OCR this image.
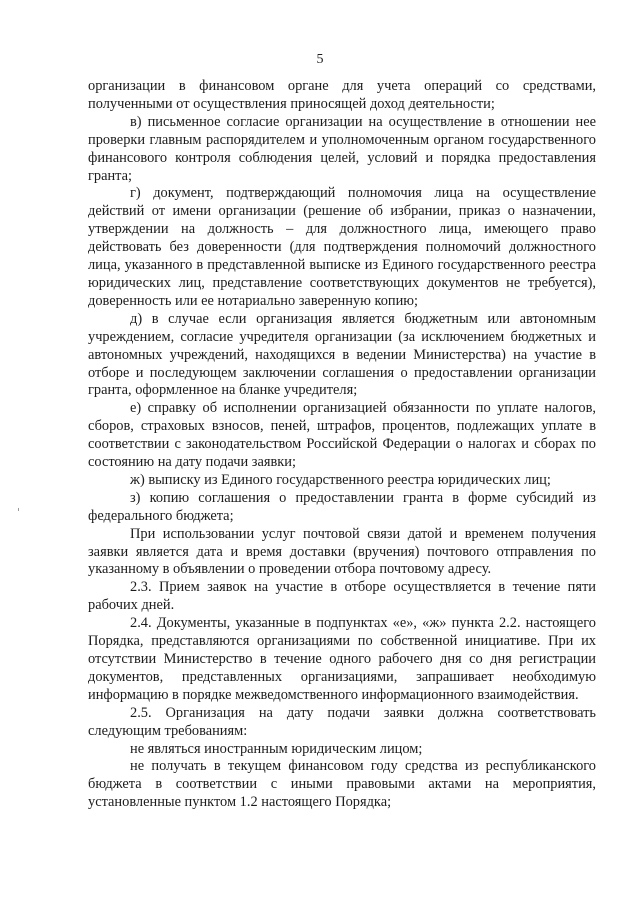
5

организации в финансовом органе для учета операций со средствами, полученными от осуществления приносящей доход деятельности;

в) письменное согласие организации на осуществление в отношении нее проверки главным распорядителем и уполномоченным органом государственного финансового контроля соблюдения целей, условий и порядка предоставления гранта;

г) документ, подтверждающий полномочия лица на осуществление действий от имени организации (решение об избрании, приказ о назначении, утверждении на должность – для должностного лица, имеющего право действовать без доверенности (для подтверждения полномочий должностного лица, указанного в представленной выписке из Единого государственного реестра юридических лиц, представление соответствующих документов не требуется), доверенность или ее нотариально заверенную копию;

д) в случае если организация является бюджетным или автономным учреждением, согласие учредителя организации (за исключением бюджетных и автономных учреждений, находящихся в ведении Министерства) на участие в отборе и последующем заключении соглашения о предоставлении организации гранта, оформленное на бланке учредителя;

е) справку об исполнении организацией обязанности по уплате налогов, сборов, страховых взносов, пеней, штрафов, процентов, подлежащих уплате в соответствии с законодательством Российской Федерации о налогах и сборах по состоянию на дату подачи заявки;

ж) выписку из Единого государственного реестра юридических лиц;

з) копию соглашения о предоставлении гранта в форме субсидий из федерального бюджета;

При использовании услуг почтовой связи датой и временем получения заявки является дата и время доставки (вручения) почтового отправления по указанному в объявлении о проведении отбора почтовому адресу.

2.3. Прием заявок на участие в отборе осуществляется в течение пяти рабочих дней.

2.4. Документы, указанные в подпунктах «е», «ж» пункта 2.2. настоящего Порядка, представляются организациями по собственной инициативе. При их отсутствии Министерство в течение одного рабочего дня со дня регистрации документов, представленных организациями, запрашивает необходимую информацию в порядке межведомственного информационного взаимодействия.

2.5. Организация на дату подачи заявки должна соответствовать следующим требованиям:

не являться иностранным юридическим лицом;

не получать в текущем финансовом году средства из республиканского бюджета в соответствии с иными правовыми актами на мероприятия, установленные пунктом 1.2 настоящего Порядка;
